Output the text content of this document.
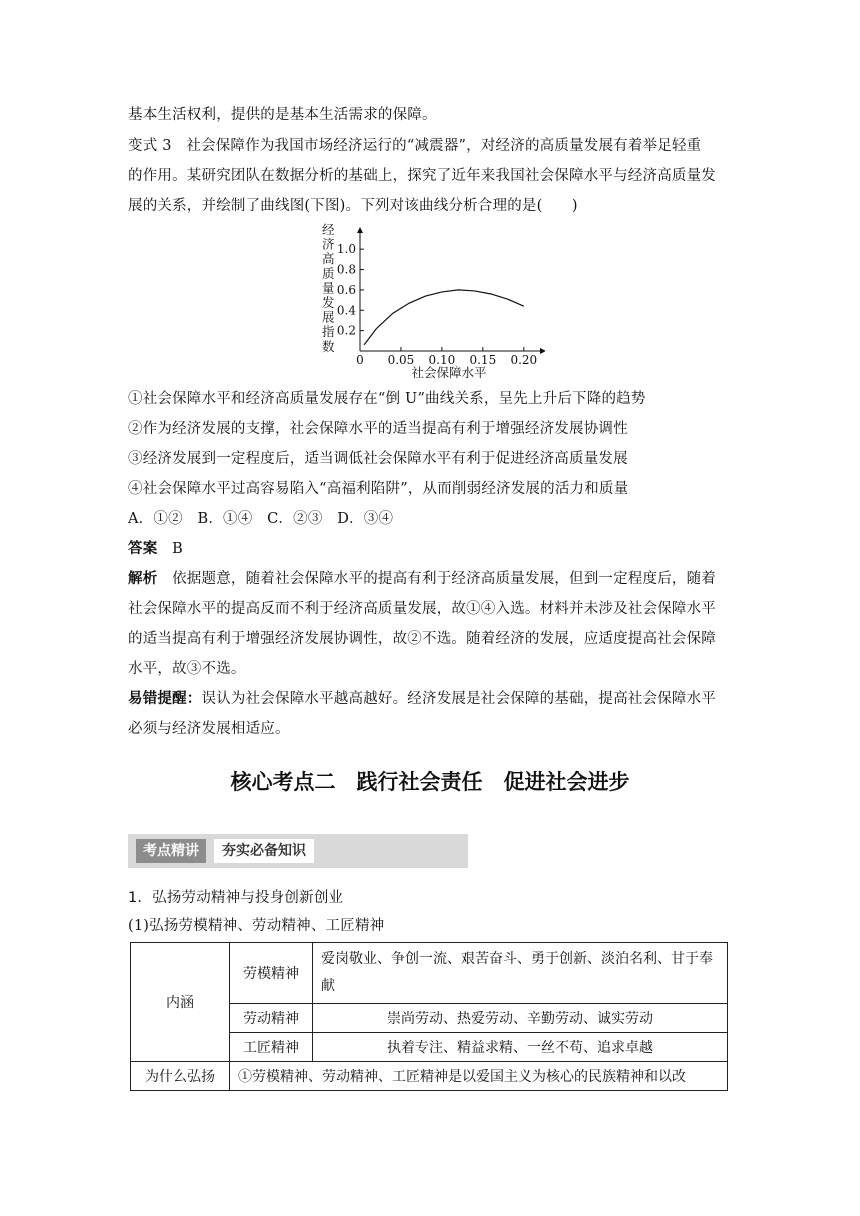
基本生活权利，提供的是基本生活需求的保障。
变式 3　社会保障作为我国市场经济运行的“减震器”，对经济的高质量发展有着举足轻重
的作用。某研究团队在数据分析的基础上，探究了近年来我国社会保障水平与经济高质量发
展的关系，并绘制了曲线图(下图)。下列对该曲线分析合理的是(　　)
经济高质量发展指数
0.2
0.4
0.6
0.8
1.0
0 0.05 0.10 0.15 0.20
社会保障水平
①社会保障水平和经济高质量发展存在“倒 U”曲线关系，呈先上升后下降的趋势
②作为经济发展的支撑，社会保障水平的适当提高有利于增强经济发展协调性
③经济发展到一定程度后，适当调低社会保障水平有利于促进经济高质量发展
④社会保障水平过高容易陷入“高福利陷阱”，从而削弱经济发展的活力和质量
A．①②　B．①④　C．②③　D．③④
答案　 B
解析　 依据题意，随着社会保障水平的提高有利于经济高质量发展，但到一定程度后，随着
社会保障水平的提高反而不利于经济高质量发展，故①④入选。材料并未涉及社会保障水平
的适当提高有利于增强经济发展协调性，故②不选。随着经济的发展，应适度提高社会保障
水平，故③不选。
易错提醒：误认为社会保障水平越高越好。经济发展是社会保障的基础，提高社会保障水平
必须与经济发展相适应。
核心考点二　践行社会责任　促进社会进步
考点精讲	夯实必备知识
1．弘扬劳动精神与投身创新创业
(1)弘扬劳模精神、劳动精神、工匠精神
内涵	劳模精神	爱岗敬业、争创一流、艰苦奋斗、勇于创新、淡泊名利、甘于奉献
	劳动精神	崇尚劳动、热爱劳动、辛勤劳动、诚实劳动
	工匠精神	执着专注、精益求精、一丝不苟、追求卓越
为什么弘扬	①劳模精神、劳动精神、工匠精神是以爱国主义为核心的民族精神和以改	
